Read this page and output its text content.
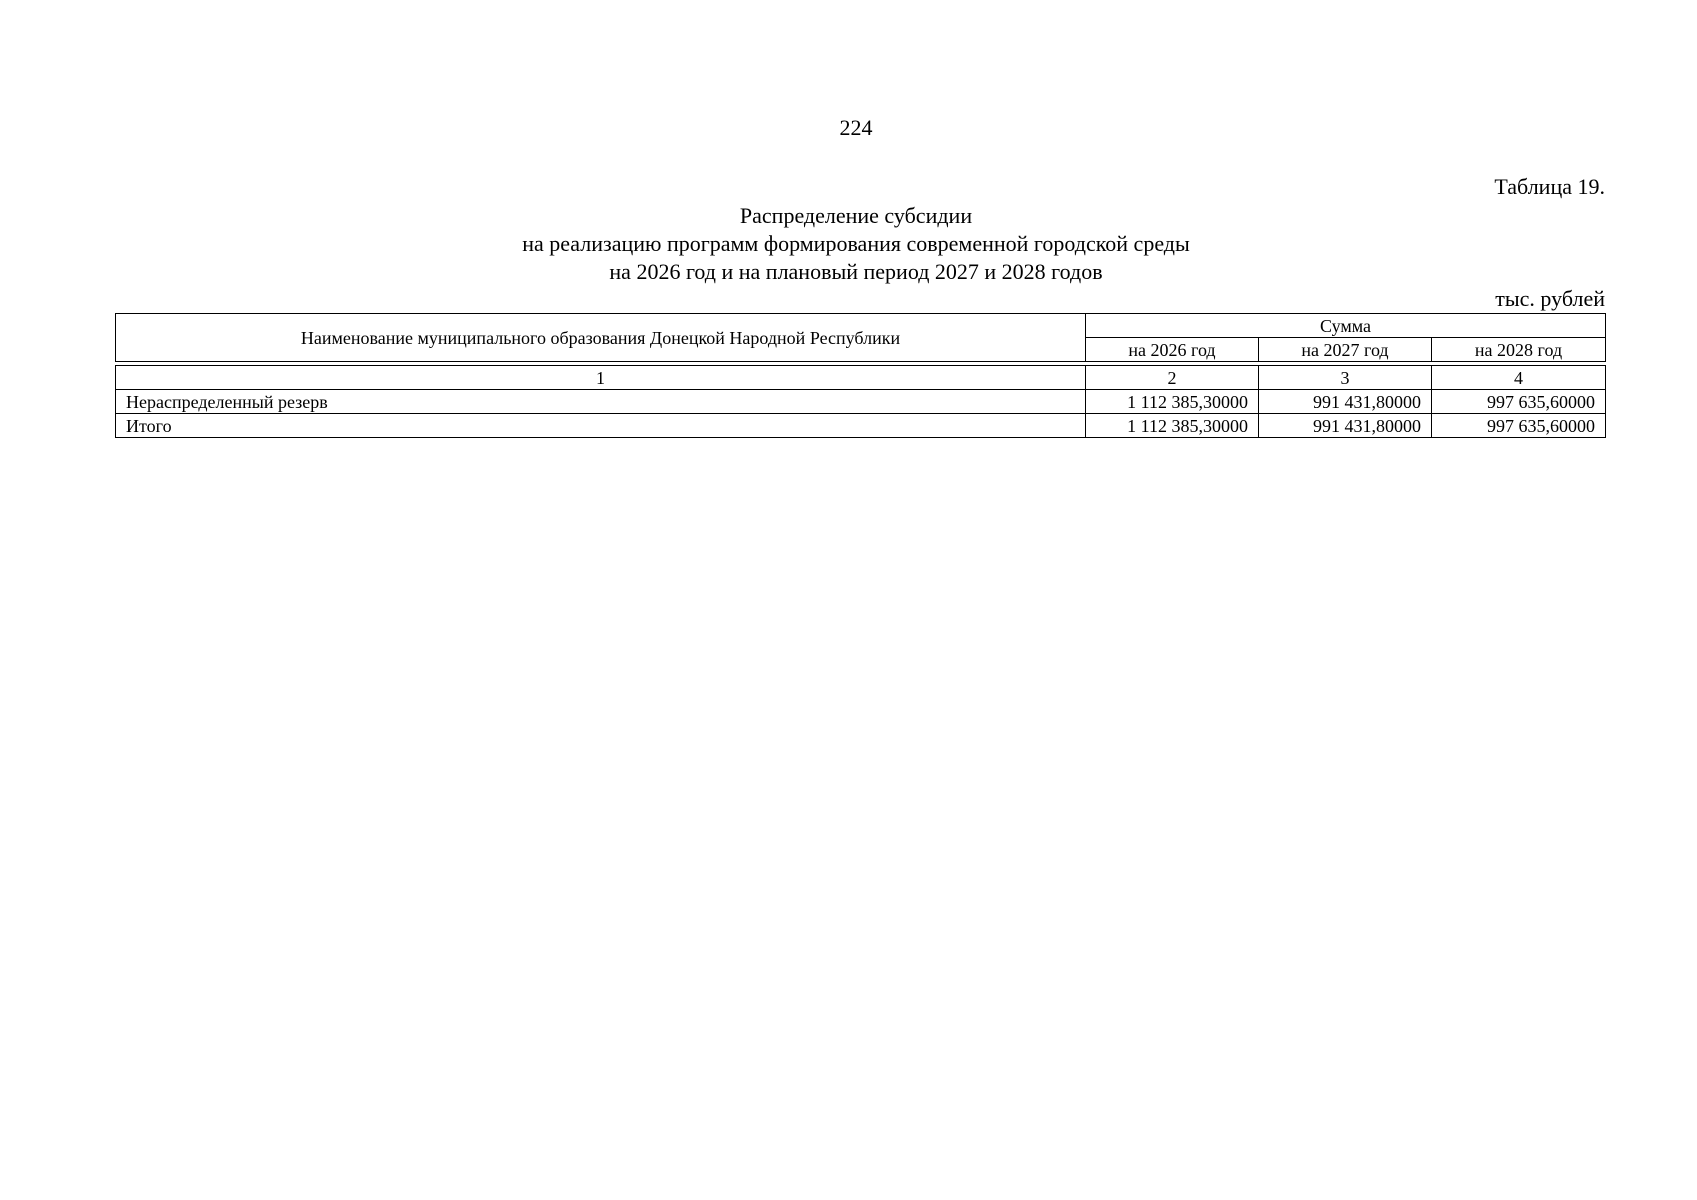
224
Таблица 19.
Распределение субсидии
на реализацию программ формирования современной городской среды
на 2026 год и на плановый период 2027 и 2028 годов
тыс. рублей
Наименование муниципального образования Донецкой Народной Республики	Сумма		
	на 2026 год	на 2027 год	на 2028 год

1	2	3	4
Нераспределенный резерв	1 112 385,30000	991 431,80000	997 635,60000
Итого	1 112 385,30000	991 431,80000	997 635,60000
